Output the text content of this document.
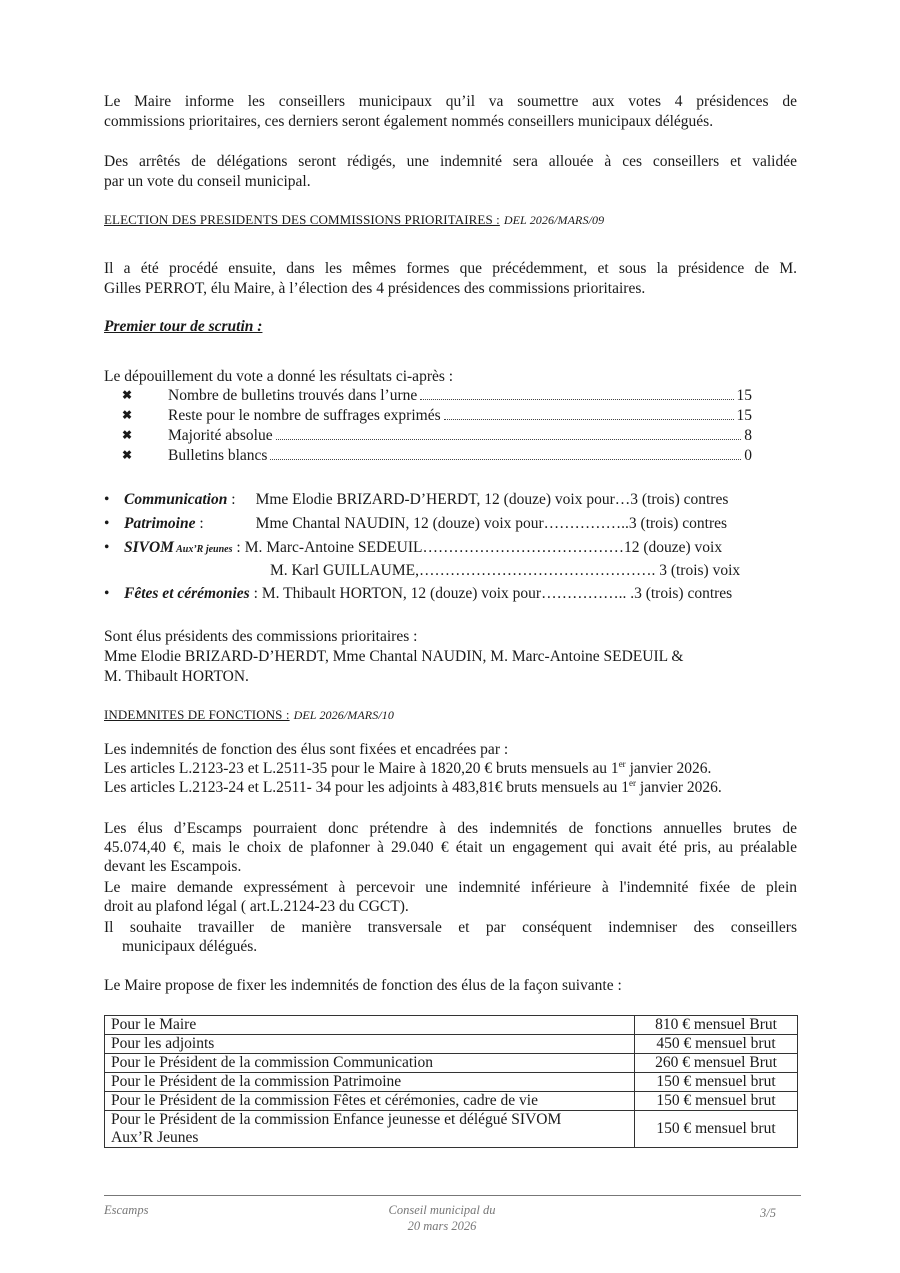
Le Maire informe les conseillers municipaux qu’il va soumettre aux votes 4 présidences de

commissions prioritaires, ces derniers seront également nommés conseillers municipaux délégués.

Des arrêtés de délégations seront rédigés, une indemnité sera allouée à ces conseillers et validée

par un vote du conseil municipal.

ELECTION DES PRESIDENTS DES COMMISSIONS PRIORITAIRES : DEL 2026/MARS/09

Il a été procédé ensuite, dans les mêmes formes que précédemment, et sous la présidence de M.

Gilles PERROT, élu Maire, à l’élection des 4 présidences des commissions prioritaires.

Premier tour de scrutin :

Le dépouillement du vote a donné les résultats ci-après :

✖	Nombre de bulletins trouvés dans l’urne	15
✖	Reste pour le nombre de suffrages exprimés	15
✖	Majorité absolue	8
✖	Bulletins blancs	0
• Communication : Mme Elodie BRIZARD-D’HERDT, 12 (douze) voix pour…3 (trois) contres
• Patrimoine :	Mme Chantal NAUDIN, 12 (douze) voix pour……………..3 (trois) contres
• SIVOM Aux’R jeunes : M. Marc-Antoine SEDEUIL…………………………………12 (douze) voix
M. Karl GUILLAUME,………………………………………. 3 (trois) voix
• Fêtes et cérémonies : M. Thibault HORTON, 12 (douze) voix pour…………….. .3 (trois) contres

Sont élus présidents des commissions prioritaires :

Mme Elodie BRIZARD-D’HERDT, Mme Chantal NAUDIN, M. Marc-Antoine SEDEUIL &

M. Thibault HORTON.

INDEMNITES DE FONCTIONS : DEL 2026/MARS/10

Les indemnités de fonction des élus sont fixées et encadrées par :

Les articles L.2123-23 et L.2511-35 pour le Maire à 1820,20 € bruts mensuels au 1er janvier 2026.

Les articles L.2123-24 et L.2511- 34 pour les adjoints à 483,81€ bruts mensuels au 1er janvier 2026.

Les élus d’Escamps pourraient donc prétendre à des indemnités de fonctions annuelles brutes de

45.074,40 €, mais le choix de plafonner à 29.040 € était un engagement qui avait été pris, au préalable

devant les Escampois.

Le maire demande expressément à percevoir une indemnité inférieure à l'indemnité fixée de plein

droit au plafond légal ( art.L.2124-23 du CGCT).

Il souhaite travailler de manière transversale et par conséquent indemniser des conseillers

municipaux délégués.

Le Maire propose de fixer les indemnités de fonction des élus de la façon suivante :

Pour le Maire	810 € mensuel Brut
Pour les adjoints	450 € mensuel brut
Pour le Président de la commission Communication	260 € mensuel Brut
Pour le Président de la commission Patrimoine	150 € mensuel brut
Pour le Président de la commission Fêtes et cérémonies, cadre de vie	150 € mensuel brut

Pour le Président de la commission Enfance jeunesse et délégué SIVOM
Aux’R Jeunes	150 € mensuel brut
Escamps	Conseil municipal du
20 mars 2026
3/5
